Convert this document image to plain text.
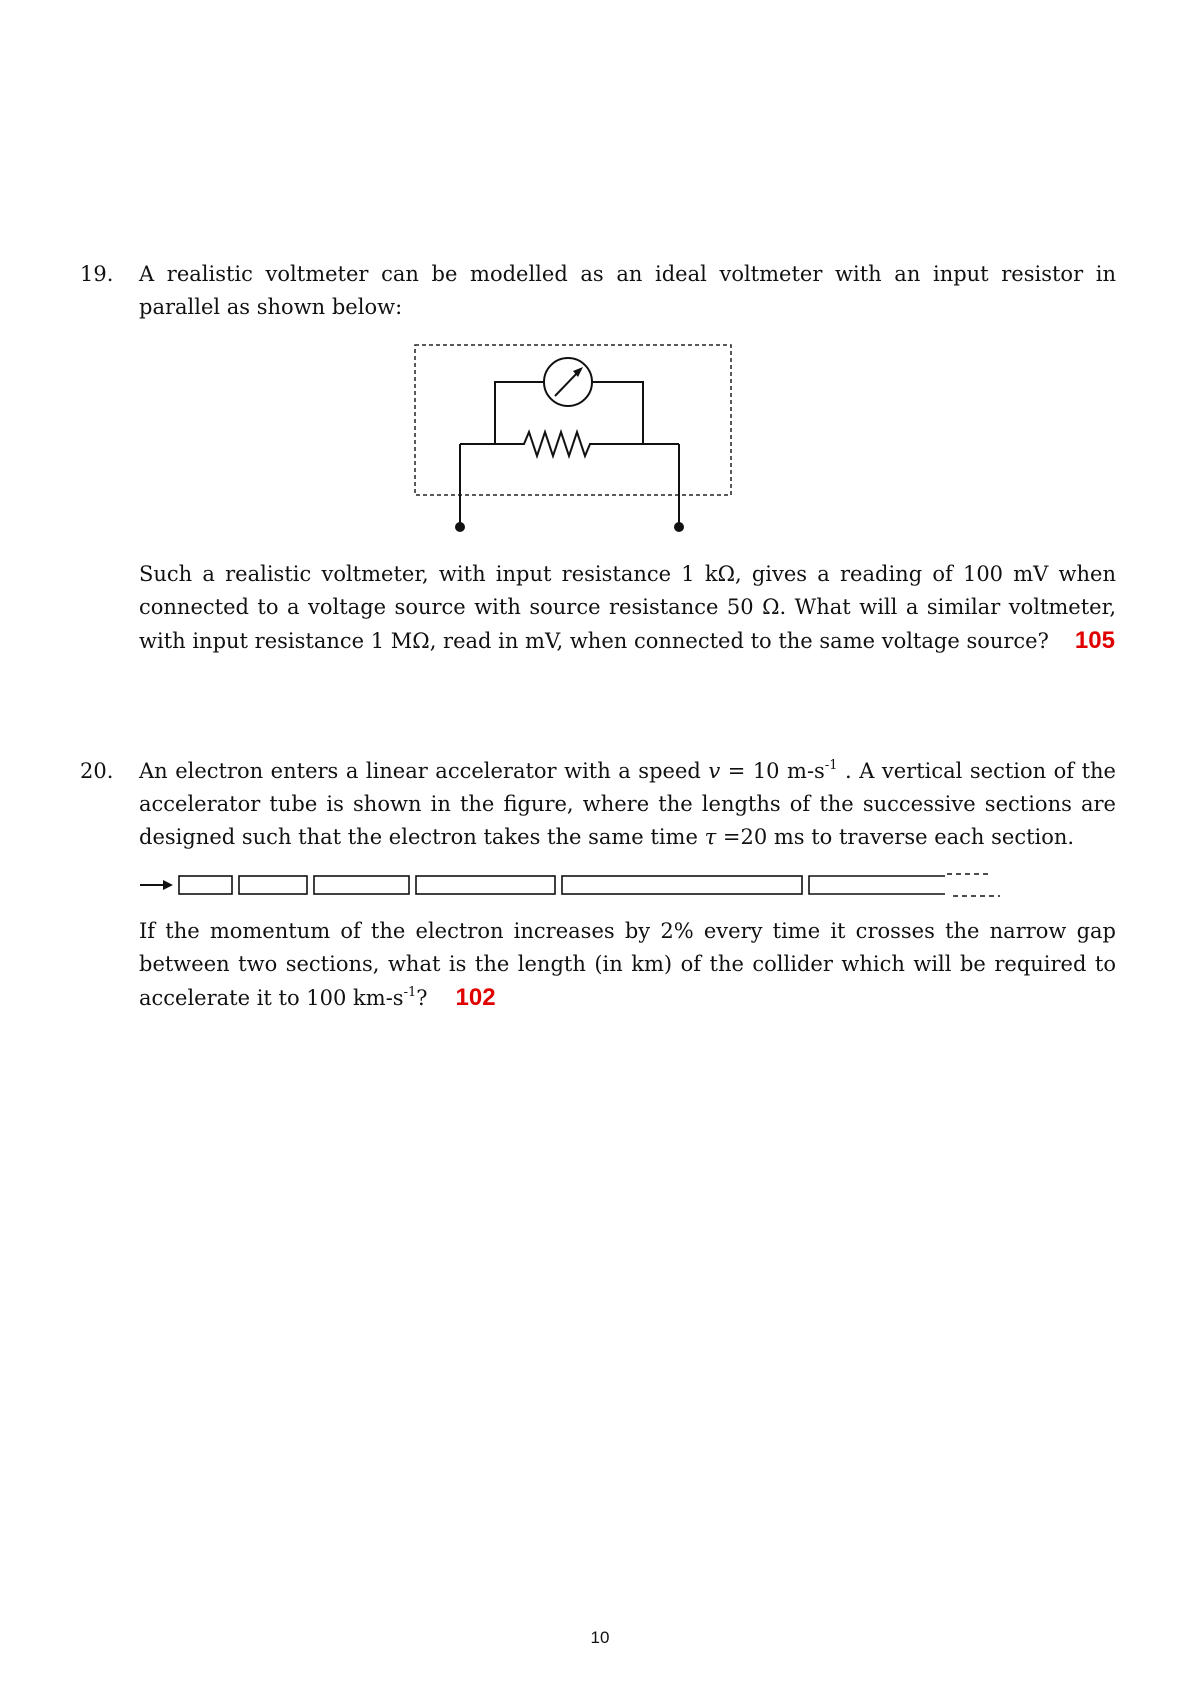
19. A realistic voltmeter can be modelled as an ideal voltmeter with an input resistor in parallel as shown below:
Such a realistic voltmeter, with input resistance 1 kΩ, gives a reading of 100 mV when connected to a voltage source with source resistance 50 Ω. What will a similar voltmeter, with input resistance 1 MΩ, read in mV, when connected to the same voltage source? 105
20. An electron enters a linear accelerator with a speed v = 10 $m-s^{-1}$ . A vertical section of the accelerator tube is shown in the figure, where the lengths of the successive sections are designed such that the electron takes the same time τ =20 ms to traverse each section.
If the momentum of the electron increases by 2% every time it crosses the narrow gap between two sections, what is the length (in km) of the collider which will be required to accelerate it to 100 $km-s^{-1}$? 102
10
